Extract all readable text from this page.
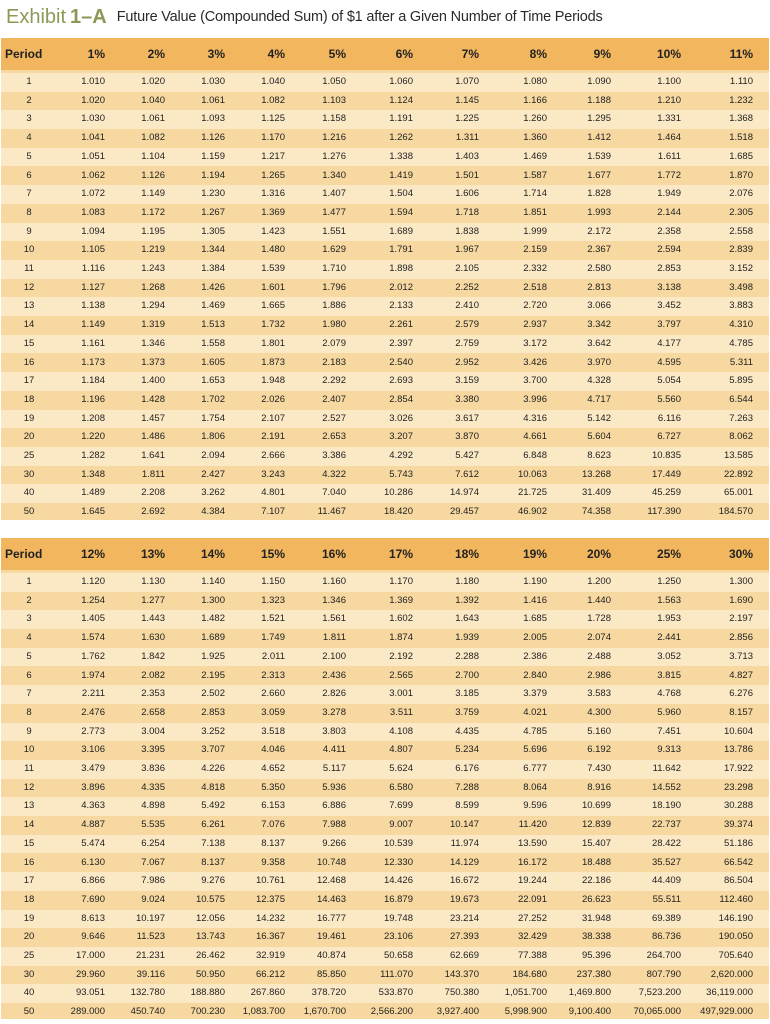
Exhibit 1–A Future Value (Compounded Sum) of $1 after a Given Number of Time Periods
Period	1%	2%	3%	4%	5%	6%	7%	8%	9%	10%	11%
1	1.010	1.020	1.030	1.040	1.050	1.060	1.070	1.080	1.090	1.100	1.110
2	1.020	1.040	1.061	1.082	1.103	1.124	1.145	1.166	1.188	1.210	1.232
3	1.030	1.061	1.093	1.125	1.158	1.191	1.225	1.260	1.295	1.331	1.368
4	1.041	1.082	1.126	1.170	1.216	1.262	1.311	1.360	1.412	1.464	1.518
5	1.051	1.104	1.159	1.217	1.276	1.338	1.403	1.469	1.539	1.611	1.685
6	1.062	1.126	1.194	1.265	1.340	1.419	1.501	1.587	1.677	1.772	1.870
7	1.072	1.149	1.230	1.316	1.407	1.504	1.606	1.714	1.828	1.949	2.076
8	1.083	1.172	1.267	1.369	1.477	1.594	1.718	1.851	1.993	2.144	2.305
9	1.094	1.195	1.305	1.423	1.551	1.689	1.838	1.999	2.172	2.358	2.558
10	1.105	1.219	1.344	1.480	1.629	1.791	1.967	2.159	2.367	2.594	2.839
11	1.116	1.243	1.384	1.539	1.710	1.898	2.105	2.332	2.580	2.853	3.152
12	1.127	1.268	1.426	1.601	1.796	2.012	2.252	2.518	2.813	3.138	3.498
13	1.138	1.294	1.469	1.665	1.886	2.133	2.410	2.720	3.066	3.452	3.883
14	1.149	1.319	1.513	1.732	1.980	2.261	2.579	2.937	3.342	3.797	4.310
15	1.161	1.346	1.558	1.801	2.079	2.397	2.759	3.172	3.642	4.177	4.785
16	1.173	1.373	1.605	1.873	2.183	2.540	2.952	3.426	3.970	4.595	5.311
17	1.184	1.400	1.653	1.948	2.292	2.693	3.159	3.700	4.328	5.054	5.895
18	1.196	1.428	1.702	2.026	2.407	2.854	3.380	3.996	4.717	5.560	6.544
19	1.208	1.457	1.754	2.107	2.527	3.026	3.617	4.316	5.142	6.116	7.263
20	1.220	1.486	1.806	2.191	2.653	3.207	3.870	4.661	5.604	6.727	8.062
25	1.282	1.641	2.094	2.666	3.386	4.292	5.427	6.848	8.623	10.835	13.585
30	1.348	1.811	2.427	3.243	4.322	5.743	7.612	10.063	13.268	17.449	22.892
40	1.489	2.208	3.262	4.801	7.040	10.286	14.974	21.725	31.409	45.259	65.001
50	1.645	2.692	4.384	7.107	11.467	18.420	29.457	46.902	74.358	117.390	184.570
Period	12%	13%	14%	15%	16%	17%	18%	19%	20%	25%	30%
1	1.120	1.130	1.140	1.150	1.160	1.170	1.180	1.190	1.200	1.250	1.300
2	1.254	1.277	1.300	1.323	1.346	1.369	1.392	1.416	1.440	1.563	1.690
3	1.405	1.443	1.482	1.521	1.561	1.602	1.643	1.685	1.728	1.953	2.197
4	1.574	1.630	1.689	1.749	1.811	1.874	1.939	2.005	2.074	2.441	2.856
5	1.762	1.842	1.925	2.011	2.100	2.192	2.288	2.386	2.488	3.052	3.713
6	1.974	2.082	2.195	2.313	2.436	2.565	2.700	2.840	2.986	3.815	4.827
7	2.211	2.353	2.502	2.660	2.826	3.001	3.185	3.379	3.583	4.768	6.276
8	2.476	2.658	2.853	3.059	3.278	3.511	3.759	4.021	4.300	5.960	8.157
9	2.773	3.004	3.252	3.518	3.803	4.108	4.435	4.785	5.160	7.451	10.604
10	3.106	3.395	3.707	4.046	4.411	4.807	5.234	5.696	6.192	9.313	13.786
11	3.479	3.836	4.226	4.652	5.117	5.624	6.176	6.777	7.430	11.642	17.922
12	3.896	4.335	4.818	5.350	5.936	6.580	7.288	8.064	8.916	14.552	23.298
13	4.363	4.898	5.492	6.153	6.886	7.699	8.599	9.596	10.699	18.190	30.288
14	4.887	5.535	6.261	7.076	7.988	9.007	10.147	11.420	12.839	22.737	39.374
15	5.474	6.254	7.138	8.137	9.266	10.539	11.974	13.590	15.407	28.422	51.186
16	6.130	7.067	8.137	9.358	10.748	12.330	14.129	16.172	18.488	35.527	66.542
17	6.866	7.986	9.276	10.761	12.468	14.426	16.672	19.244	22.186	44.409	86.504
18	7.690	9.024	10.575	12.375	14.463	16.879	19.673	22.091	26.623	55.511	112.460
19	8.613	10.197	12.056	14.232	16.777	19.748	23.214	27.252	31.948	69.389	146.190
20	9.646	11.523	13.743	16.367	19.461	23.106	27.393	32.429	38.338	86.736	190.050
25	17.000	21.231	26.462	32.919	40.874	50.658	62.669	77.388	95.396	264.700	705.640
30	29.960	39.116	50.950	66.212	85.850	111.070	143.370	184.680	237.380	807.790	2,620.000
40	93.051	132.780	188.880	267.860	378.720	533.870	750.380	1,051.700	1,469.800	7,523.200	36,119.000
50	289.000	450.740	700.230	1,083.700	1,670.700	2,566.200	3,927.400	5,998.900	9,100.400	70,065.000	497,929.000
